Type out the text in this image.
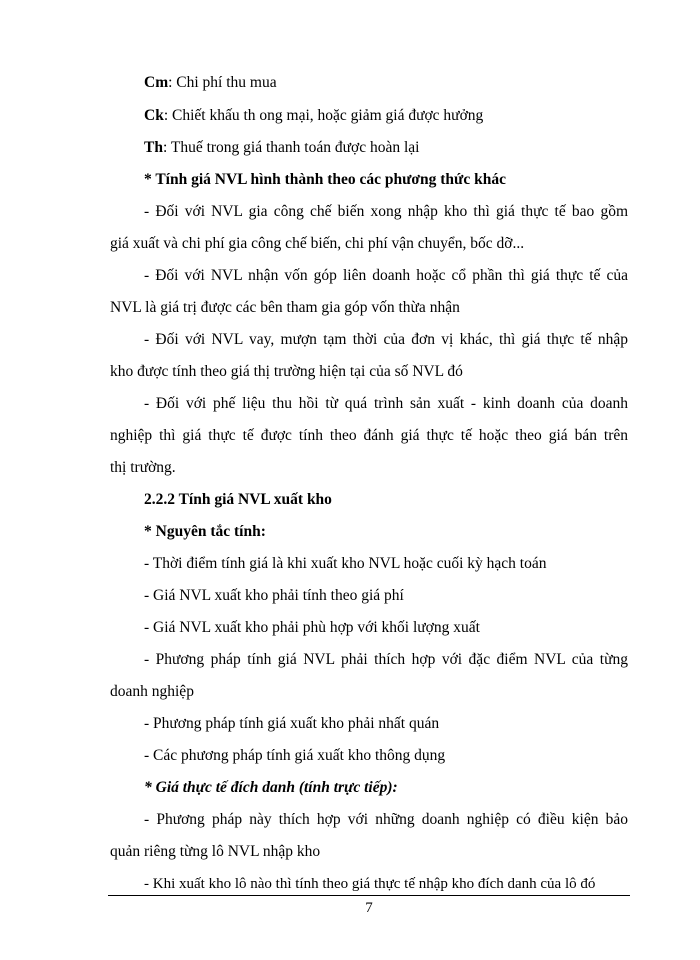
Cm: Chi phí thu mua
Ck: Chiết khấu th ong mại, hoặc giảm giá được hưởng
Th: Thuế trong giá thanh toán được hoàn lại
* Tính giá NVL hình thành theo các phương thức khác
- Đối với NVL gia công chế biến xong nhập kho thì giá thực tế bao gồm
giá xuất và chi phí gia công chế biến, chi phí vận chuyển, bốc dỡ...
- Đối với NVL nhận vốn góp liên doanh hoặc cổ phần thì giá thực tế của
NVL là giá trị được các bên tham gia góp vốn thừa nhận
- Đối với NVL vay, mượn tạm thời của đơn vị khác, thì giá thực tế nhập
kho được tính theo giá thị trường hiện tại của số NVL đó
- Đối với phế liệu thu hồi từ quá trình sản xuất - kinh doanh của doanh
nghiệp thì giá thực tế được tính theo đánh giá thực tế hoặc theo giá bán trên
thị trường.
2.2.2 Tính giá NVL xuất kho
* Nguyên tắc tính:
- Thời điểm tính giá là khi xuất kho NVL hoặc cuối kỳ hạch toán
- Giá NVL xuất kho phải tính theo giá phí
- Giá NVL xuất kho phải phù hợp với khối lượng xuất
- Phương pháp tính giá NVL phải thích hợp với đặc điểm NVL của từng
doanh nghiệp
- Phương pháp tính giá xuất kho phải nhất quán
- Các phương pháp tính giá xuất kho thông dụng
* Giá thực tế đích danh (tính trực tiếp):
- Phương pháp này thích hợp với những doanh nghiệp có điều kiện bảo
quản riêng từng lô NVL nhập kho
- Khi xuất kho lô nào thì tính theo giá thực tế nhập kho đích danh của lô đó
7
